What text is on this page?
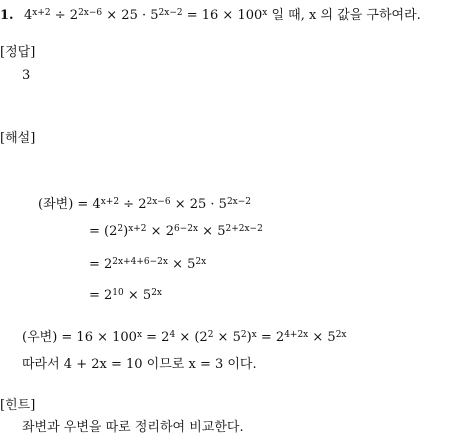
1. $4^{x+2} \div 2^{2x-6} \times 25 \cdot 5^{2x-2} = 16 \times 100^x$ 일 때, x 의 값을 구하여라.
[정답]
3
[해설]
(좌변) = $4^{x+2} \div 2^{2x-6} \times 25 \cdot 5^{2x-2}$
= $(2^2)^{x+2} \times 2^{6-2x} \times 5^{2+2x-2}$
= $2^{2x+4+6-2x} \times 5^{2x}$
= $2^{10} \times 5^{2x}$
(우변) = $16 \times 100^x = 2^4 \times (2^2 \times 5^2)^x = 2^{4+2x} \times 5^{2x}$
따라서 4 + 2x = 10 이므로 x = 3 이다.
[힌트]
좌변과 우변을 따로 정리하여 비교한다.
